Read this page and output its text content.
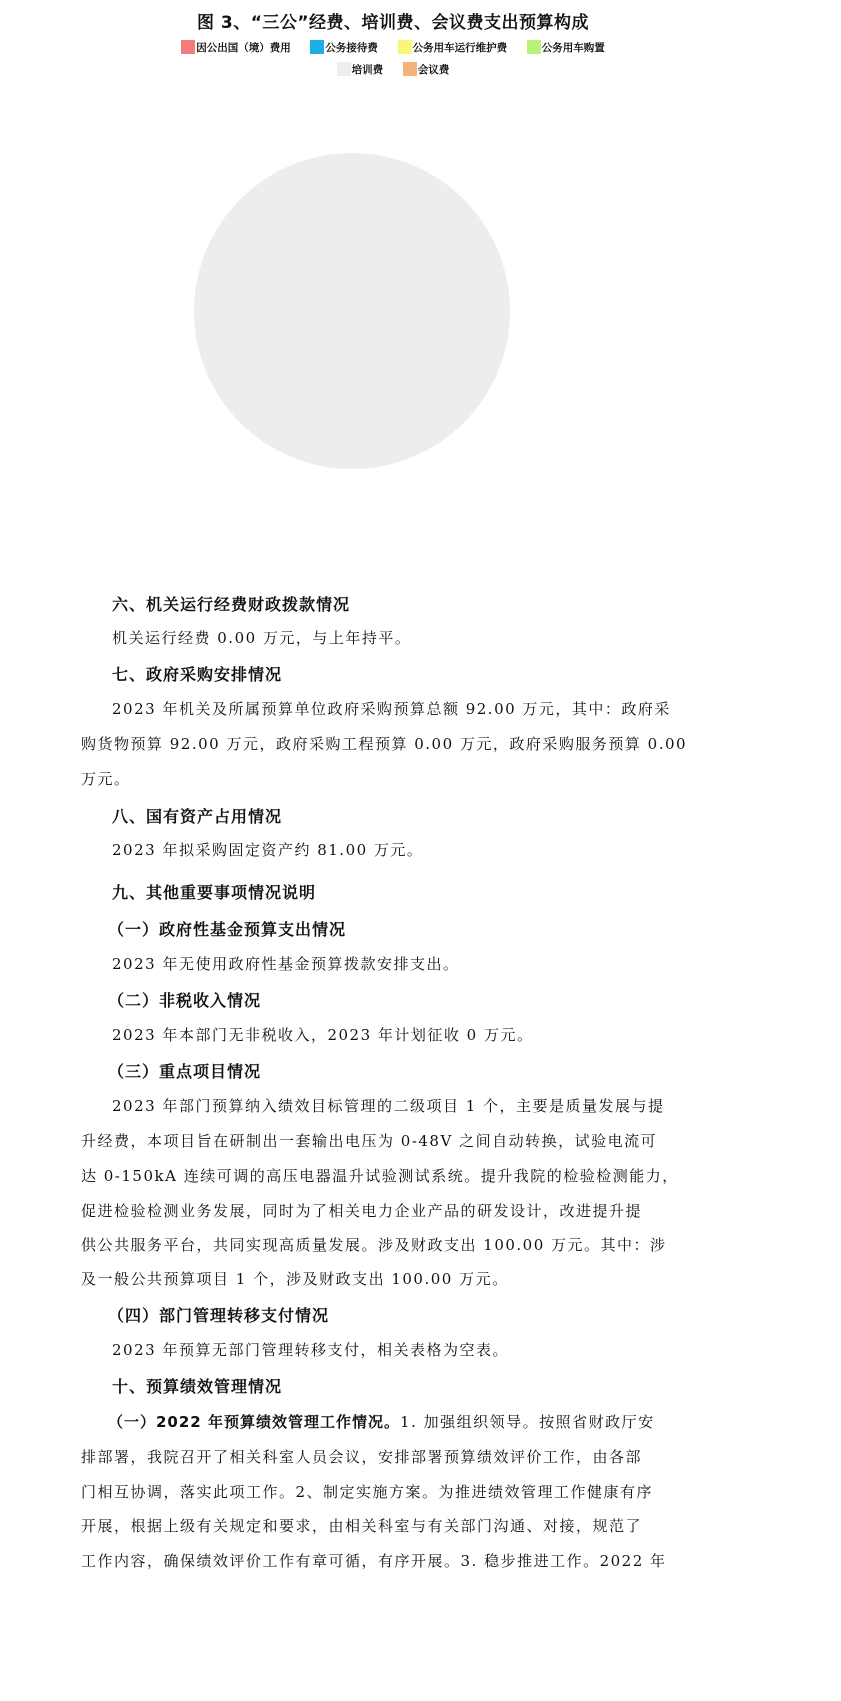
图 3、“三公”经费、培训费、会议费支出预算构成
因公出国（境）费用	公务接待费	公务用车运行维护费	公务用车购置
培训费	会议费
六、机关运行经费财政拨款情况
机关运行经费 0.00 万元，与上年持平。
七、政府采购安排情况
2023 年机关及所属预算单位政府采购预算总额 92.00 万元，其中：政府采
购货物预算 92.00 万元，政府采购工程预算 0.00 万元，政府采购服务预算 0.00
万元。
八、国有资产占用情况
2023 年拟采购固定资产约 81.00 万元。
九、其他重要事项情况说明
（一）政府性基金预算支出情况
2023 年无使用政府性基金预算拨款安排支出。
（二）非税收入情况
2023 年本部门无非税收入，2023 年计划征收 0 万元。
（三）重点项目情况
2023 年部门预算纳入绩效目标管理的二级项目 1 个，主要是质量发展与提
升经费，本项目旨在研制出一套输出电压为 0-48V 之间自动转换，试验电流可
达 0-150kA 连续可调的高压电器温升试验测试系统。提升我院的检验检测能力，
促进检验检测业务发展，同时为了相关电力企业产品的研发设计，改进提升提
供公共服务平台，共同实现高质量发展。涉及财政支出 100.00 万元。其中：涉
及一般公共预算项目 1 个，涉及财政支出 100.00 万元。
（四）部门管理转移支付情况
2023 年预算无部门管理转移支付，相关表格为空表。
十、预算绩效管理情况
（一）2022 年预算绩效管理工作情况。1. 加强组织领导。按照省财政厅安
排部署，我院召开了相关科室人员会议，安排部署预算绩效评价工作，由各部
门相互协调，落实此项工作。2、制定实施方案。为推进绩效管理工作健康有序
开展，根据上级有关规定和要求，由相关科室与有关部门沟通、对接，规范了
工作内容，确保绩效评价工作有章可循，有序开展。3. 稳步推进工作。2022 年
